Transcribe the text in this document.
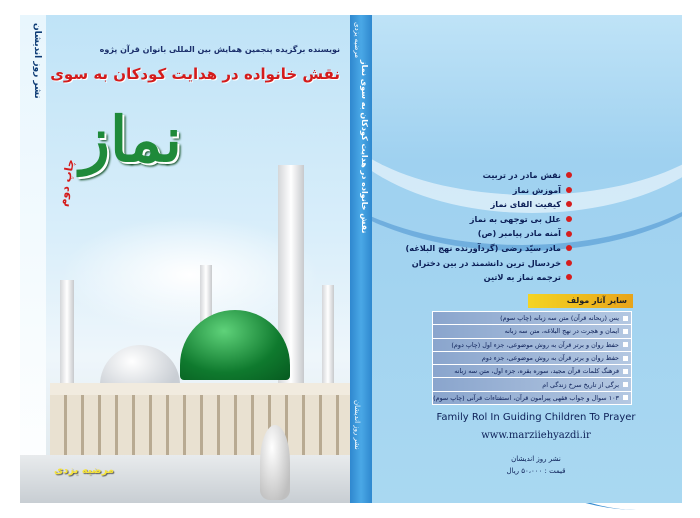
نشر روز اندیشان	نویسنده برگزیده پنجمین همایش بین المللی بانوان قرآن پژوه
نقش خانواده در هدایت کودکان به سوی
نماز
چاپ دوم
مرضیه یزدی
مرضیه یزدی
نقش خانواده در هدایت کودکان به سوی نماز
نشر روز اندیشان
نقش مادر در تربیت
آموزش نماز
کیفیت القای نماز
علل بی توجهی به نماز
آمنه مادر پیامبر (ص)
مادر سیّد رضی (گردآورنده نهج البلاغه)
خردسال ترین دانشمند در بین دختران
ترجمه نماز به لاتین
سایر آثار مولف
یس (ریحانه قرآن) متن سه زبانه (چاپ سوم)
ایمان و هجرت در نهج البلاغه، متن سه زبانه
حفظ روان و برتر قرآن به روش موضوعی، جزء اول (چاپ دوم)
حفظ روان و برتر قرآن به روش موضوعی، جزء دوم
فرهنگ کلمات قرآن مجید، سوره بقره، جزء اول، متن سه زبانه
برگی از تاریخ سرخ زندگی ام
۱۰۳ سوال و جواب فقهی پیرامون قرآن، استفتاءات قرآنی (چاپ سوم)
Family Rol In Guiding Children To Prayer
www.marziiehyazdi.ir
نشر روز اندیشان
قیمت : ۵۰،۰۰۰ ریال
